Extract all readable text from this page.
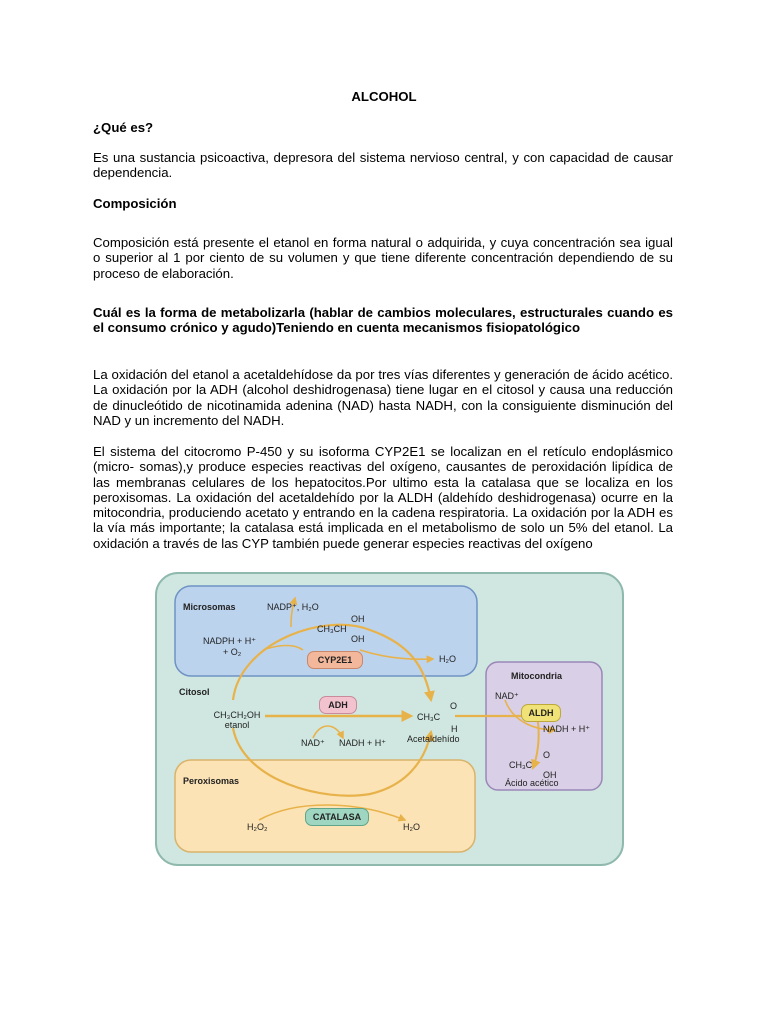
ALCOHOL

¿Qué es?

Es una sustancia psicoactiva, depresora del sistema nervioso central, y con capacidad de causar dependencia.

Composición

Composición está presente el etanol en forma natural o adquirida, y cuya concentración sea igual o superior al 1 por ciento de su volumen y que tiene diferente concentración dependiendo de su proceso de elaboración.

Cuál es la forma de metabolizarla (hablar de cambios moleculares, estructurales cuando es el consumo crónico y agudo)Teniendo en cuenta mecanismos fisiopatológico

La oxidación del etanol a acetaldehídose da por tres vías diferentes y generación de ácido acético. La oxidación por la ADH (alcohol deshidrogenasa) tiene lugar en el citosol y causa una reducción de dinucleótido de nicotinamida adenina (NAD) hasta NADH, con la consiguiente disminución del NAD y un incremento del NADH.

El sistema del citocromo P-450 y su isoforma CYP2E1 se localizan en el retículo endoplásmico (micro- somas),y produce especies reactivas del oxígeno, causantes de peroxidación lipídica de las membranas celulares de los hepatocitos.Por ultimo esta la catalasa que se localiza en los peroxisomas. La oxidación del acetaldehído por la ALDH (aldehído deshidrogenasa) ocurre en la mitocondria, produciendo acetato y entrando en la cadena respiratoria. La oxidación por la ADH es la vía más importante; la catalasa está implicada en el metabolismo de solo un 5% del etanol. La oxidación a través de las CYP también puede generar especies reactivas del oxígeno

Microsomas	NADP⁺, H₂O
OH
CH₃CH
OH
NADPH + H⁺
+ O₂
CYP2E1	H₂O
Citosol
ADH
CH₃CH₂OH
etanol
NAD⁺ NADH + H⁺
O
CH₃C
H
Acetaldehído
Mitocondria
NAD⁺
ALDH
NADH + H⁺
O
CH₃C
OH
Ácido acético
Peroxisomas
CATALASA
H₂O₂	H₂O
